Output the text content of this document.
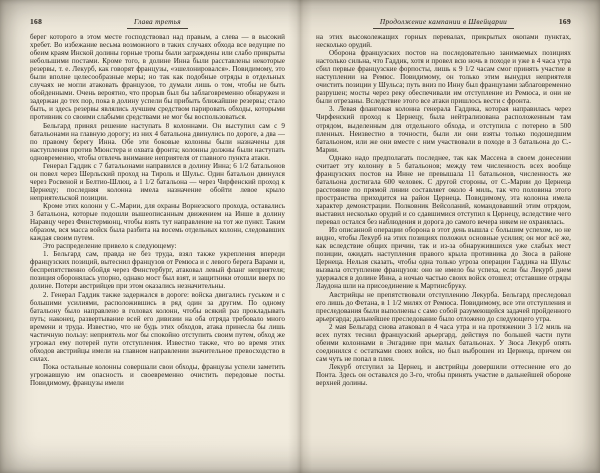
168	Глава третья

берег которого в этом месте господствовал над правым, а слева — в высокий хребет. Во избежание весьма возможного в таких случаях обхода все ведущие по обеим краям Инской долины горные тропы были заграждены или слабо прикрыты небольшими постами. Кроме того, в долине Инна были расставлены некоторые резервы, т. е. Лекурб, как говорят французы, «эшелонировался». Повидимому, это были вполне целесообразные меры; но так как подобные отряды в отдельных случаях не могли атаковать французов, то думали лишь о том, чтобы не быть обойденными. Очень вероятно, что прорыв был бы заблаговременно обнаружен и задержан до тех пор, пока в долину успели бы прибыть ближайшие резервы; стало быть, и здесь резервы являлись лучшим средством парировать обходы, которыми противник со своими слабыми средствами не мог бы воспользоваться.

Бельгард принял решение наступать 8 колоннами. Он выступил сам с 9 батальонами на главную дорогу; из них 4 батальона двинулись по дороге, а два — по правому берегу Инна. Обе эти боковые колонны были назначены для наступления против Мюнстера и охвата фронта; колонны должны были наступать одновременно, чтобы отвлечь внимание неприятеля от главного пункта атаки.

Генерал Гаддик с 7 батальонами направился в долину Инна; 6 1/2 батальонов он повел через Шерльский проход на Тироль и Шульс. Один батальон двинулся через Росвеной и Белтио-Шлюц, а 1 1/2 батальона — через Чирфенский проход к Цернецу; последняя колонна имела назначение обойти левое крыло неприятельской позиции.

Кроме этих колонн у С.-Марии, для охраны Ворнезского прохода, оставались 3 батальона, которые подошли вышеописанным движением на Инше в долину Наравцу через Финстермюнц, чтобы взять тут направление на тот же пункт. Таким образом, вся масса войск была разбита на восемь отдельных колонн, следовавших каждая своим путем.

Это распределение привело к следующему:

1. Бельгард сам, правда не без труда, взял также укрепления впереди французских позиций, вытеснил французов от Ремюса и с левого берега Варами и, беспрепятственно обойдя через Финстербург, атаковал левый фланг неприятеля; позиция оборонялась упорно, однако мост был взят, и защитники отошли вверх по долине. Потери австрийцев при этом оказались незначительны.

2. Генерал Гаддик также задержался в дороге: войска двигались гуськом и с большими усилиями, расположившись в ряд один за другим. По одному батальону было направлено в головах колонн, чтобы всякий раз прокладывать путь; наконец, развертывание всей его дивизии на оба отряда требовало много времени и труда. Известно, что не будь этих обходов, атака принесла бы лишь частичную пользу: неприятель мог бы спокойно отступить своим путем, обход же угрожал ему потерей пути отступления. Известно также, что во время этих обходов австрийцы имели на главном направлении значительное превосходство в силах.

Пока остальные колонны совершали свои обходы, французы успели заметить угрожавшую им опасность и своевременно очистить передовые посты. Повидимому, французы имели

Продолжение кампании в Швейцарии	169

на этих высоколежащих горных перевалах, прикрытых окопами пунктах, несколько орудий.

Оборона французских постов на последовательно занимаемых позициях настолько сильна, что Гаддик, хотя и провел всю ночь в походе и уже в 4 часа утра сбил первые французские форпосты, лишь к 9 1/2 часам смог принять участие в наступлении на Ремюс. Повидимому, он только этим вынудил неприятеля очистить позиции у Шульса; путь вниз по Инну был французами заблаговременно разрушен; мосты через реку обеспечивали им отступление из Ремюса, и они не были отрезаны. Вследствие этого все атаки пришлось вести с фронта.

3. Левая фланговая колонна генерала Гаддика, которая направилась через Чирфенский проход к Цернецу, была нейтрализована расположенным там отрядом, выделенным для отдельного обхода, и отступила с потерею в 500 пленных. Неизвестно в точности, были ли они взяты только подошедшим батальоном, или же они вместе с ним участвовали в походе в 3 батальона до С.-Марии.

Однако надо предполагать последнее, так как Массена в своем донесении считает эту колонну в 5 батальонов; между тем численность всех вообще французских постов на Инне не превышала 11 батальонов, численность же батальона достигала 600 человек. С другой стороны, от С.-Марии до Цернеца расстояние по прямой линии составляет около 4 миль, так что половина этого пространства приходится на район Цернеца. Повидимому, эта колонна имела характер демонстрации. Полковник Вейсоланий, командовавший этим отрядом, выставил несколько орудий и со сдавшимися отступил к Цернецу, вследствие чего перевал остался без наблюдения и дорога до самого вечера никем не охранялась.

Из описанной операции оборона в этот день вышла с большим успехом, но не видно, чтобы Лекурб на этих позициях положил основные усилия; он мог всё же, как вследствие общих причин, так и из-за обнаружившихся уже слабых мест позиции, ожидать наступления правого крыла противника до Зюса в районе Цернеца. Нельзя сказать, чтобы одна только угроза операции Гаддика на Шульс вызвала отступление французов: оно не имело бы успеха, если бы Лекурб днем удержался в долине Инна, а ночью частью своих войск отошел; отставшие отряды Лаудона шли на присоединение к Мартинсбруку.

Австрийцы не препятствовали отступлению Лекурба. Бельгард преследовал его лишь до Фетана, в 1 1/2 милях от Ремюса. Повидимому, все эти отступления и преследования были выполнены с само собой разумеющейся задачей пройденного арьергарда; дальнейшее преследование было отложено до следующего утра.

2 мая Бельгард снова атаковал в 4 часа утра и на протяжении 3 1/2 миль на всех путях теснил французский арьергард, действуя по большей части пути обеими колоннами в Энгадине при малых батальонах. У Зюса Лекурб опять соединился с остатками своих войск, но был выброшен из Цернеца, причем он сам чуть не попал в плен.

Лекурб отступил за Цернец, и австрийцы довершили оттеснение его до Понта. Здесь он оставался до 3-го, чтобы принять участие в дальнейшей обороне верхней долины.
